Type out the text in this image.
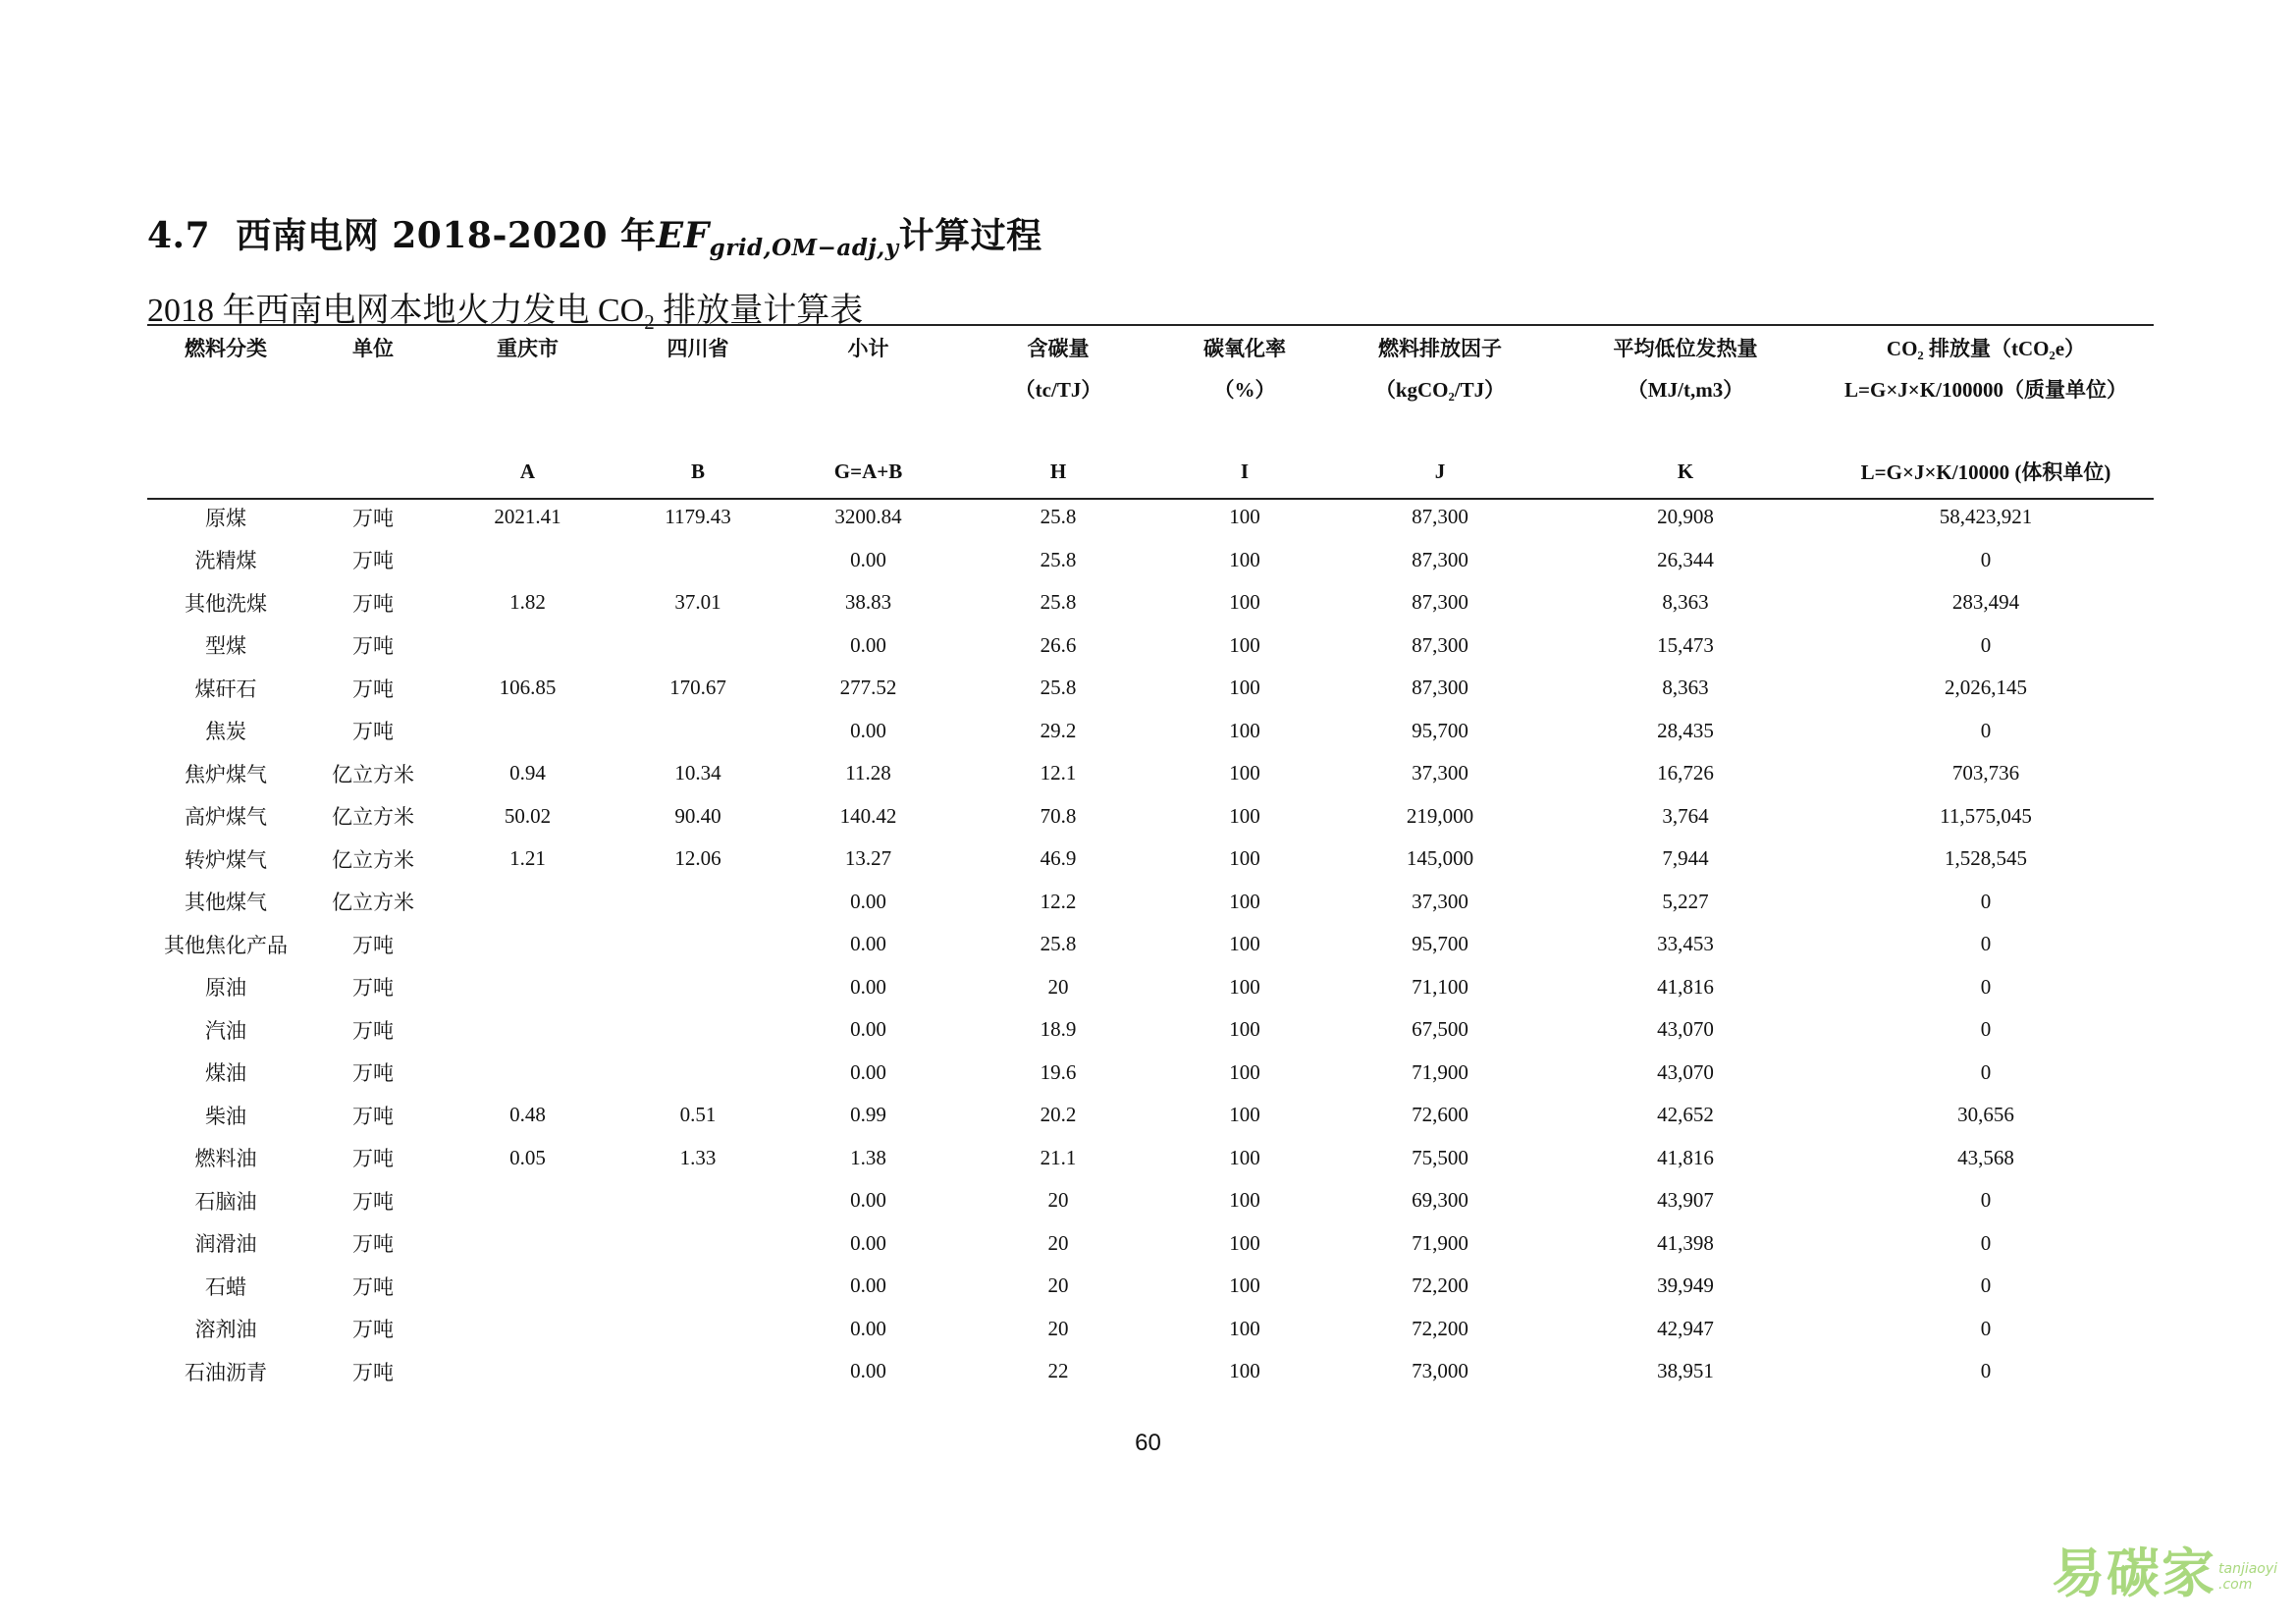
4.7 西南电网 2018-2020 年$EF_{grid,OM-adj,y}$计算过程
2018 年西南电网本地火力发电 $CO_2$ 排放量计算表
燃料分类	单位	重庆市	四川省	小计	含碳量	碳氧化率	燃料排放因子	平均低位发热量	CO₂ 排放量（tCO₂e）
					（tc/TJ）	（%）	（kgCO₂/TJ）	（MJ/t,m3）	L=G×J×K/100000（质量单位）

		A	B	G=A+B	H	I	J	K	L=G×J×K/10000 (体积单位)
原煤	万吨	2021.41	1179.43	3200.84	25.8	100	87,300	20,908	58,423,921
洗精煤	万吨			0.00	25.8	100	87,300	26,344	0
其他洗煤	万吨	1.82	37.01	38.83	25.8	100	87,300	8,363	283,494
型煤	万吨			0.00	26.6	100	87,300	15,473	0
煤矸石	万吨	106.85	170.67	277.52	25.8	100	87,300	8,363	2,026,145
焦炭	万吨			0.00	29.2	100	95,700	28,435	0
焦炉煤气	亿立方米	0.94	10.34	11.28	12.1	100	37,300	16,726	703,736
高炉煤气	亿立方米	50.02	90.40	140.42	70.8	100	219,000	3,764	11,575,045
转炉煤气	亿立方米	1.21	12.06	13.27	46.9	100	145,000	7,944	1,528,545
其他煤气	亿立方米			0.00	12.2	100	37,300	5,227	0
其他焦化产品	万吨			0.00	25.8	100	95,700	33,453	0
原油	万吨			0.00	20	100	71,100	41,816	0
汽油	万吨			0.00	18.9	100	67,500	43,070	0
煤油	万吨			0.00	19.6	100	71,900	43,070	0
柴油	万吨	0.48	0.51	0.99	20.2	100	72,600	42,652	30,656
燃料油	万吨	0.05	1.33	1.38	21.1	100	75,500	41,816	43,568
石脑油	万吨			0.00	20	100	69,300	43,907	0
润滑油	万吨			0.00	20	100	71,900	41,398	0
石蜡	万吨			0.00	20	100	72,200	39,949	0
溶剂油	万吨			0.00	20	100	72,200	42,947	0
石油沥青	万吨			0.00	22	100	73,000	38,951	0
60
易碳家 tanjiaoyi .com
